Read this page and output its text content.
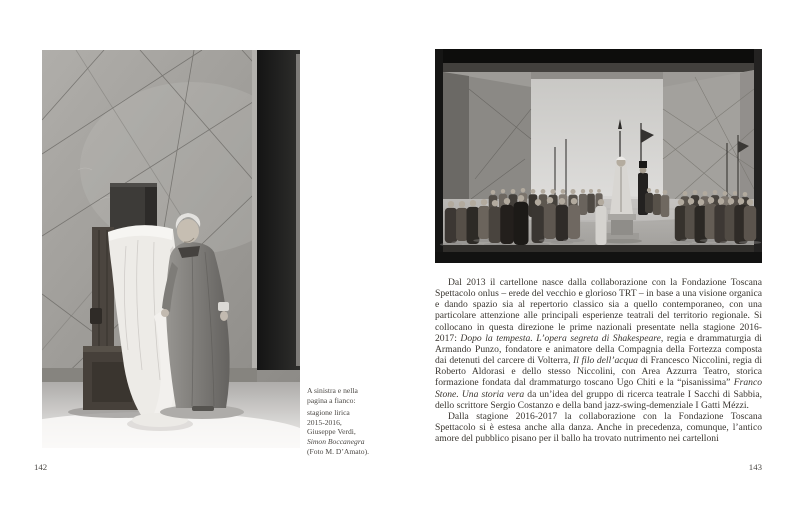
A sinistra e nella
pagina a fianco:
stagione lirica
2015-2016,
Giuseppe Verdi,
Simon Boccanegra
(Foto M. D’Amato).
142

Dal 2013 il cartellone nasce dalla collaborazione con la Fondazione Toscana Spettacolo onlus – erede del vecchio e glorioso TRT – in base a una visione organica e dando spazio sia al repertorio classico sia a quello contemporaneo, con una particolare attenzione alle principali esperienze teatrali del territorio regionale. Si collocano in questa direzione le prime nazionali presentate nella stagione 2016-2017: Dopo la tempesta. L’opera segreta di Shakespeare, regia e drammaturgia di Armando Punzo, fondatore e animatore della Compagnia della Fortezza composta dai detenuti del carcere di Volterra, Il filo dell’acqua di Francesco Niccolini, regia di Roberto Aldorasi e dello stesso Niccolini, con Area Azzurra Teatro, storica formazione fondata dal drammaturgo toscano Ugo Chiti e la “pisanissima” Franco Stone. Una storia vera da un’idea del gruppo di ricerca teatrale I Sacchi di Sabbia, dello scrittore Sergio Costanzo e della band jazz-swing-demenziale I Gatti Mézzi.

Dalla stagione 2016-2017 la collaborazione con la Fondazione Toscana Spettacolo si è estesa anche alla danza. Anche in precedenza, comunque, l’antico amore del pubblico pisano per il ballo ha trovato nutrimento nei cartelloni

143
